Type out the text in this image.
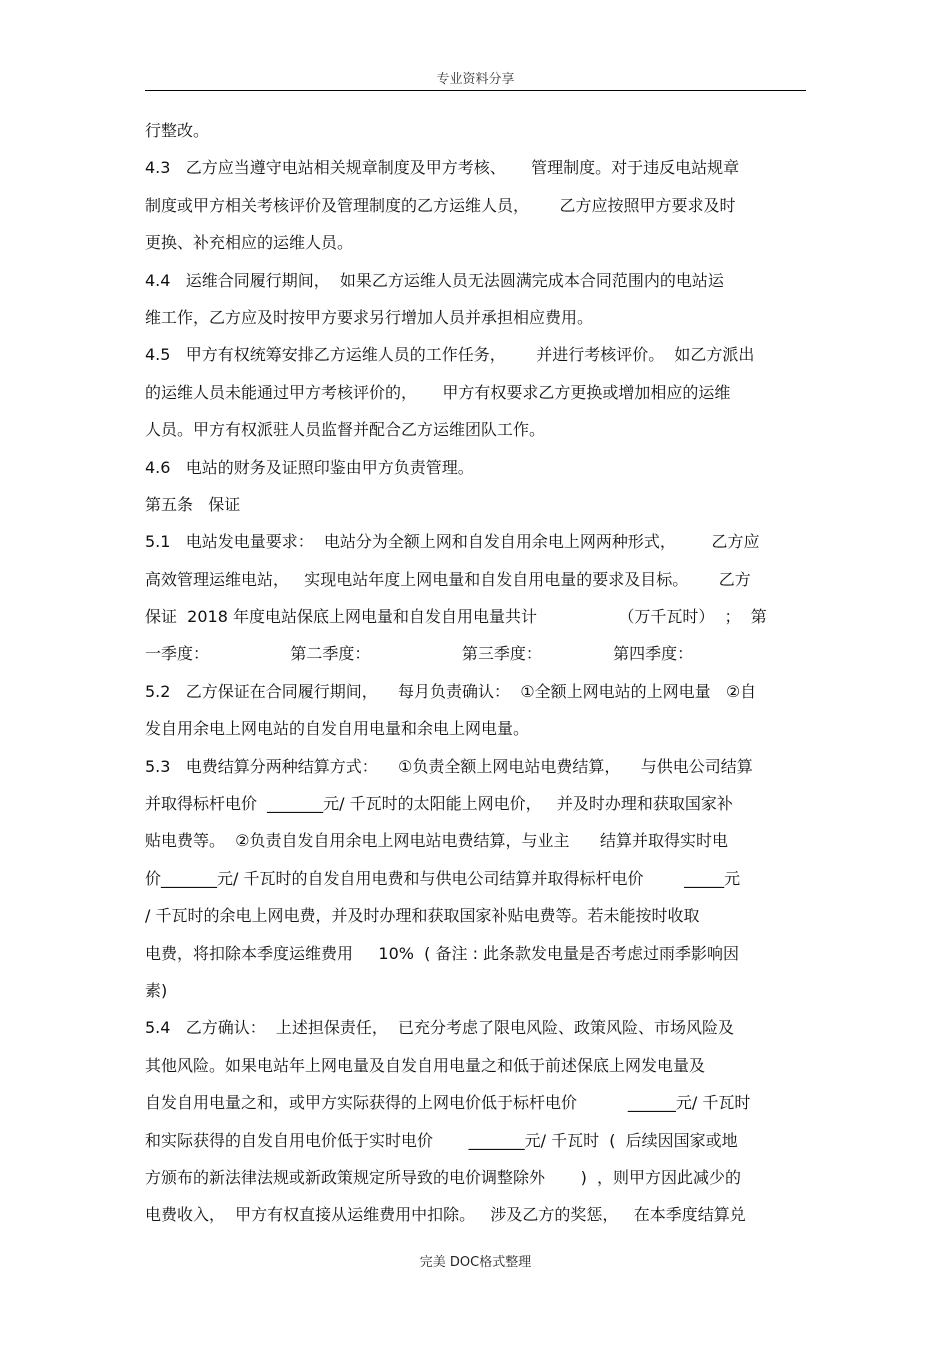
专业资料分享
行整改。
4.3   乙方应当遵守电站相关规章制度及甲方考核、     管理制度。对于违反电站规章
制度或甲方相关考核评价及管理制度的乙方运维人员，      乙方应按照甲方要求及时
更换、补充相应的运维人员。
4.4   运维合同履行期间，  如果乙方运维人员无法圆满完成本合同范围内的电站运
维工作，乙方应及时按甲方要求另行增加人员并承担相应费用。
4.5   甲方有权统筹安排乙方运维人员的工作任务，      并进行考核评价。  如乙方派出
的运维人员未能通过甲方考核评价的，     甲方有权要求乙方更换或增加相应的运维
人员。甲方有权派驻人员监督并配合乙方运维团队工作。
4.6   电站的财务及证照印鉴由甲方负责管理。
第五条   保证
5.1   电站发电量要求：  电站分为全额上网和自发自用余电上网两种形式，       乙方应
高效管理运维电站，   实现电站年度上网电量和自发自用电量的要求及目标。      乙方
保证  2018 年度电站保底上网电量和自发自用电量共计                （万千瓦时）  ；  第
一季度：                第二季度：                  第三季度：              第四季度：
5.2   乙方保证在合同履行期间，    每月负责确认：  ①全额上网电站的上网电量   ②自
发自用余电上网电站的自发自用电量和余电上网电量。
5.3   电费结算分两种结算方式：    ①负责全额上网电站电费结算，    与供电公司结算
并取得标杆电价  _______元/ 千瓦时的太阳能上网电价，   并及时办理和获取国家补
贴电费等。  ②负责自发自用余电上网电站电费结算，与业主      结算并取得实时电
价_______元/ 千瓦时的自发自用电费和与供电公司结算并取得标杆电价        _____元
/ 千瓦时的余电上网电费，并及时办理和获取国家补贴电费等。若未能按时收取
电费，将扣除本季度运维费用     10%  ( 备注 : 此条款发电量是否考虑过雨季影响因
素)
5.4   乙方确认：  上述担保责任，  已充分考虑了限电风险、政策风险、市场风险及
其他风险。如果电站年上网电量及自发自用电量之和低于前述保底上网发电量及
自发自用电量之和，或甲方实际获得的上网电价低于标杆电价          ______元/ 千瓦时
和实际获得的自发自用电价低于实时电价       _______元/ 千瓦时  (  后续因国家或地
方颁布的新法律法规或新政策规定所导致的电价调整除外       )  ，则甲方因此减少的
电费收入，  甲方有权直接从运维费用中扣除。   涉及乙方的奖惩，   在本季度结算兑
完美 DOC格式整理
